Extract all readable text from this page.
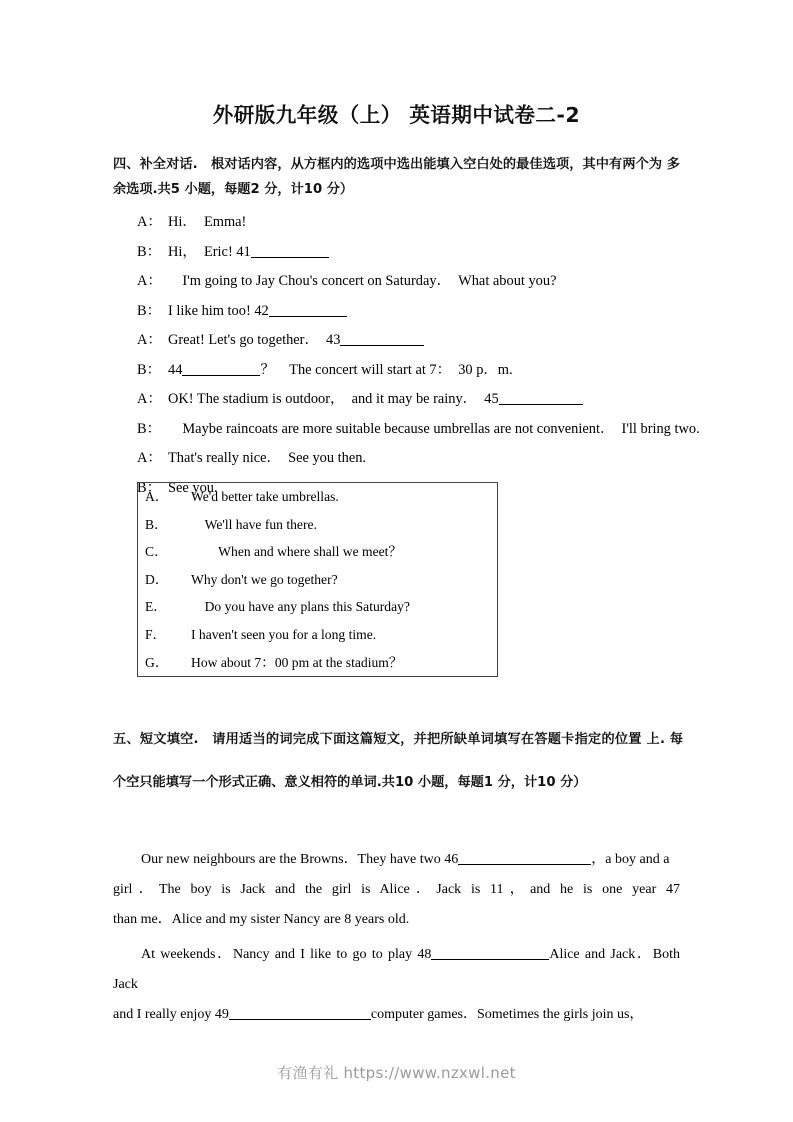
外研版九年级（上） 英语期中试卷二-2
四、补全对话.　根对话内容，从方框内的选项中选出能填入空白处的最佳选项，其中有两个为 多余选项.共5 小题，每题2 分，计10 分）
A： Hi．　Emma!
B： Hi，　Eric! 41
A：　I'm going to Jay Chou's concert on Saturday．　What about you?
B： I like him too! 42
A： Great! Let's go together．　43
B： 44	？　The concert will start at 7：　30 p．m.
A： OK! The stadium is outdoor，　and it may be rainy．　45
B：　Maybe raincoats are more suitable because umbrellas are not convenient．　I'll bring two.
A： That's really nice．　See you then.
B： See you.
A． We'd better take umbrellas.
B．　We'll have fun there.
C．　　When and where shall we meet？
D． Why don't we go together?
E．　Do you have any plans this Saturday?
F． I haven't seen you for a long time.
G． How about 7：00 pm at the stadium？
五、短文填空.　请用适当的词完成下面这篇短文，并把所缺单词填写在答题卡指定的位置 上. 每个空只能填写一个形式正确、意义相符的单词.共10 小题，每题1 分，计10 分）
Our new neighbours are the Browns．They have two 46	，a boy and a
girl．The boy is Jack and the girl is Alice．Jack is 11，and he is one year 47
than me．Alice and my sister Nancy are 8 years old.
At weekends．Nancy and I like to go to play 48	Alice and Jack．Both Jack
and I really enjoy 49	computer games．Sometimes the girls join us，
有渔有礼 https://www.nzxwl.net
